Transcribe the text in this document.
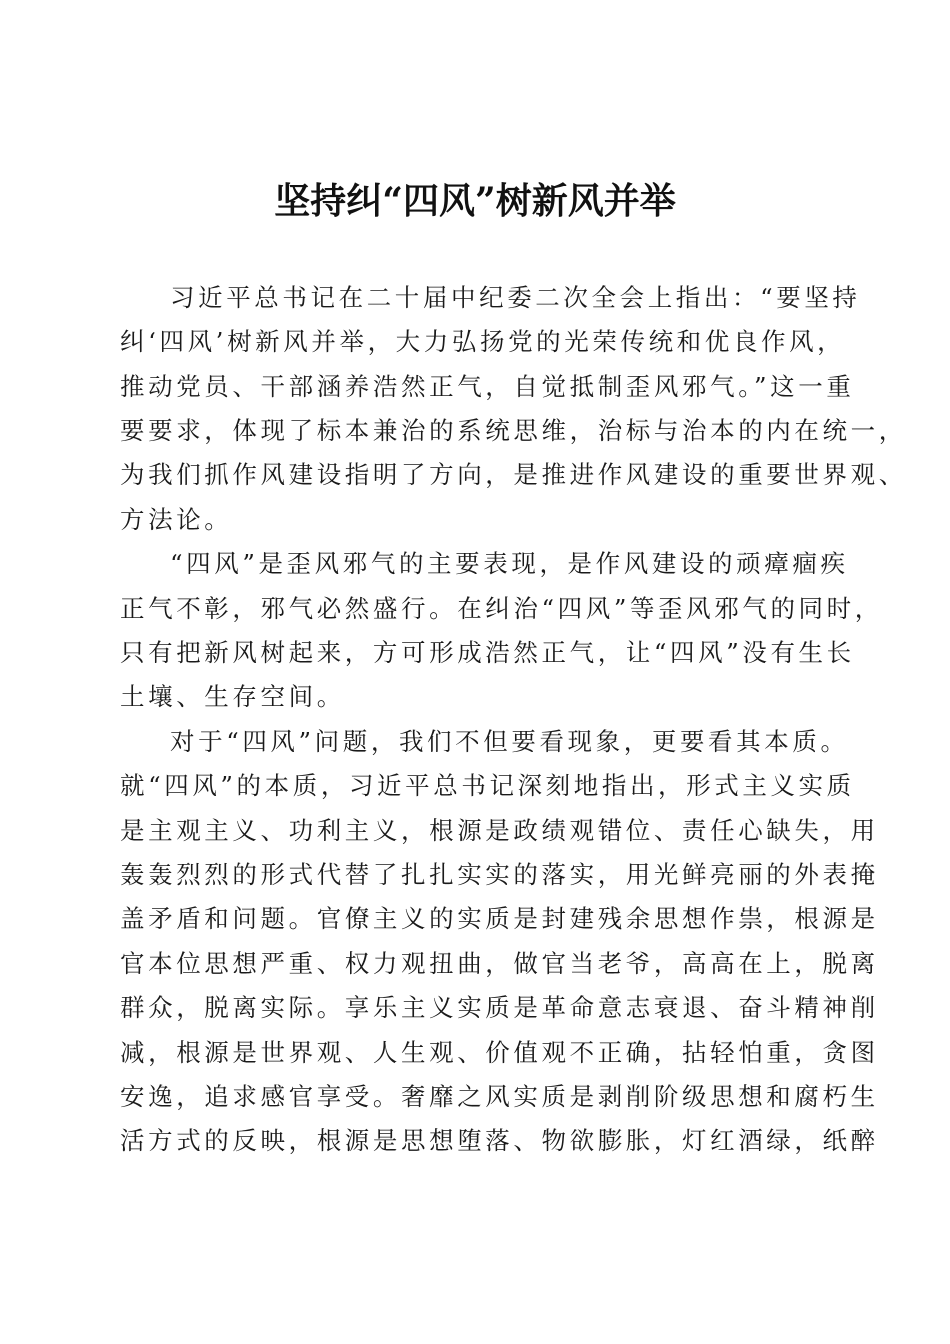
坚持纠“四风”树新风并举

习近平总书记在二十届中纪委二次全会上指出：“要坚持

纠‘四风’树新风并举，大力弘扬党的光荣传统和优良作风，

推动党员、干部涵养浩然正气，自觉抵制歪风邪气。”这一重

要要求，体现了标本兼治的系统思维，治标与治本的内在统一，

为我们抓作风建设指明了方向，是推进作风建设的重要世界观、

方法论。

“四风”是歪风邪气的主要表现，是作风建设的顽瘴痼疾

正气不彰，邪气必然盛行。在纠治“四风”等歪风邪气的同时，

只有把新风树起来，方可形成浩然正气，让“四风”没有生长

土壤、生存空间。

对于“四风”问题，我们不但要看现象，更要看其本质。

就“四风”的本质，习近平总书记深刻地指出，形式主义实质

是主观主义、功利主义，根源是政绩观错位、责任心缺失，用

轰轰烈烈的形式代替了扎扎实实的落实，用光鲜亮丽的外表掩

盖矛盾和问题。官僚主义的实质是封建残余思想作祟，根源是

官本位思想严重、权力观扭曲，做官当老爷，高高在上，脱离

群众，脱离实际。享乐主义实质是革命意志衰退、奋斗精神削

减，根源是世界观、人生观、价值观不正确，拈轻怕重，贪图

安逸，追求感官享受。奢靡之风实质是剥削阶级思想和腐朽生

活方式的反映，根源是思想堕落、物欲膨胀，灯红酒绿，纸醉
